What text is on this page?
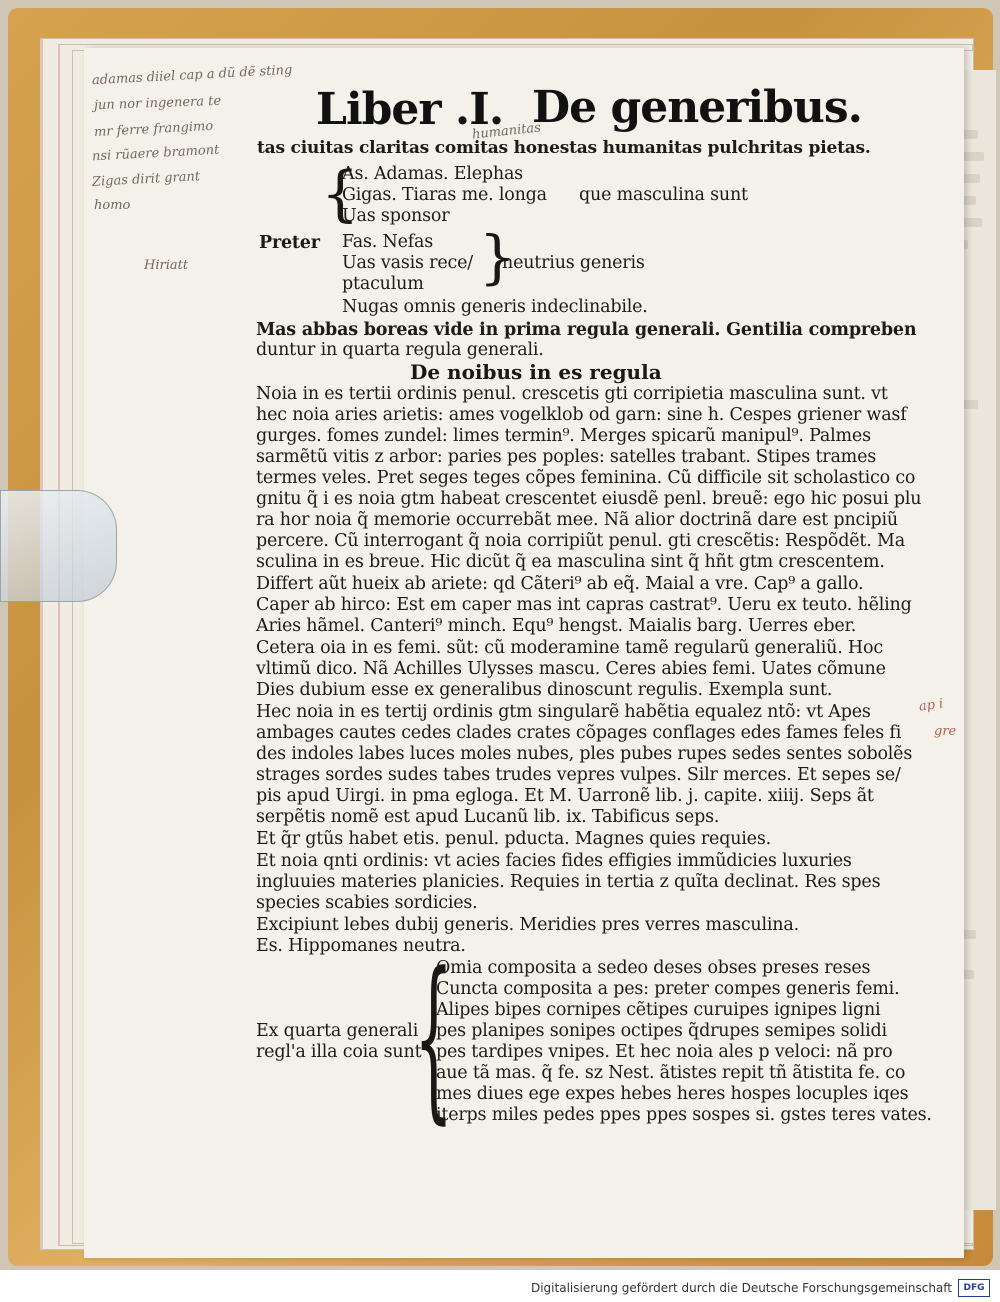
adamas diiel cap a dũ dẽ sting
jun nor ingenera te
mr ferre frangimo
nsi rũaere bramont
Zigas dirit grant
homo
Hiriatt
humanitas
Liber .I. De generibus.
tas ciuitas claritas comitas honestas humanitas pulchritas pietas.
{
As. Adamas. Elephas
Gigas. Tiaras me. longa
Uas sponsor
que masculina sunt
Preter Fas. Nefas
Uas vasis rece/
ptaculum }
neutrius generis
Nugas omnis generis indeclinabile.
Mas abbas boreas vide in prima regula generali. Gentilia compreben
duntur in quarta regula generali.
De noibus in es regula
Noia in es tertii ordinis penul. crescetis gti corripietia masculina sunt. vt
hec noia aries arietis: ames vogelklob od garn: sine h. Cespes griener wasf
gurges. fomes zundel: limes termin⁹. Merges spicarũ manipul⁹. Palmes
sarmẽtũ vitis z arbor: paries pes poples: satelles trabant. Stipes trames
termes veles. Pret seges teges cõpes feminina. Cũ difficile sit scholastico co
gnitu q̃ i es noia gtm habeat crescentet eiusdẽ penl. breuẽ: ego hic posui plu
ra hor noia q̃ memorie occurrebãt mee. Nã alior doctrinã dare est pncipiũ
percere. Cũ interrogant q̃ noia corripiũt penul. gti crescẽtis: Respõdẽt. Ma
sculina in es breue. Hic dicũt q̃ ea masculina sint q̃ hñt gtm crescentem.
Differt aũt hueix ab ariete: qd Cãteri⁹ ab eq̃. Maial a vre. Cap⁹ a gallo.
Caper ab hirco: Est em caper mas int capras castrat⁹. Ueru ex teuto. hẽling
Aries hãmel. Canteri⁹ minch. Equ⁹ hengst. Maialis barg. Uerres eber.
Cetera oia in es femi. sũt: cũ moderamine tamẽ regularũ generaliũ. Hoc
vltimũ dico. Nã Achilles Ulysses mascu. Ceres abies femi. Uates cõmune
Dies dubium esse ex generalibus dinoscunt regulis. Exempla sunt.
Hec noia in es tertij ordinis gtm singularẽ habẽtia equalez ntõ: vt Apes
ambages cautes cedes clades crates cõpages conflages edes fames feles fi
des indoles labes luces moles nubes, ples pubes rupes sedes sentes sobolẽs
strages sordes sudes tabes trudes vepres vulpes. Silr merces. Et sepes se/
pis apud Uirgi. in pma egloga. Et M. Uarronẽ lib. j. capite. xiiij. Seps ãt
serpẽtis nomẽ est apud Lucanũ lib. ix. Tabificus seps.
Et q̃r gtũs habet etis. penul. pducta. Magnes quies requies.
Et noia qnti ordinis: vt acies facies fides effigies immũdicies luxuries
ingluuies materies planicies. Requies in tertia z quĩta declinat. Res spes
species scabies sordicies.
Excipiunt lebes dubij generis. Meridies pres verres masculina.
Es. Hippomanes neutra.
{
Omia composita a sedeo deses obses preses reses
Cuncta composita a pes: preter compes generis femi.
Alipes bipes cornipes cẽtipes curuipes ignipes ligni
pes planipes sonipes octipes q̃drupes semipes solidi
pes tardipes vnipes. Et hec noia ales p veloci: nã pro
aue tã mas. q̃ fe. sz Nest. ãtistes repit tñ ãtistita fe. co
mes diues ege expes hebes heres hospes locuples iqes
iterps miles pedes ppes ppes sospes si. gstes teres vates.
Ex quarta generali
regl'a illa coia sunt
ap i
gre
Digitalisierung gefördert durch die Deutsche Forschungsgemeinschaft	DFG
